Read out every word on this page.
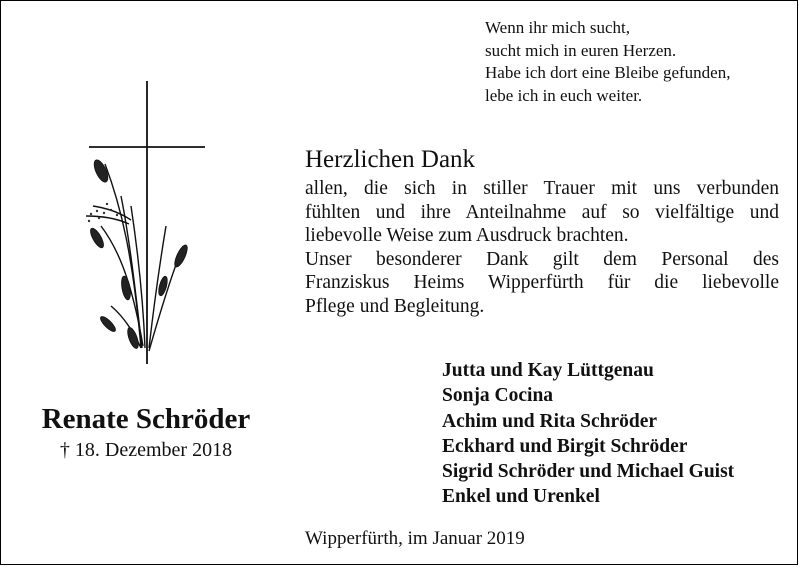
Wenn ihr mich sucht,
sucht mich in euren Herzen.
Habe ich dort eine Bleibe gefunden,
lebe ich in euch weiter.
Renate Schröder
† 18. Dezember 2018
Herzlichen Dank
allen, die sich in stiller Trauer mit uns verbunden
fühlten und ihre Anteilnahme auf so vielfältige und
liebevolle Weise zum Ausdruck brachten.
Unser besonderer Dank gilt dem Personal des
Franziskus Heims Wipperfürth für die liebevolle
Pflege und Begleitung.
Jutta und Kay Lüttgenau
Sonja Cocina
Achim und Rita Schröder
Eckhard und Birgit Schröder
Sigrid Schröder und Michael Guist
Enkel und Urenkel
Wipperfürth, im Januar 2019
